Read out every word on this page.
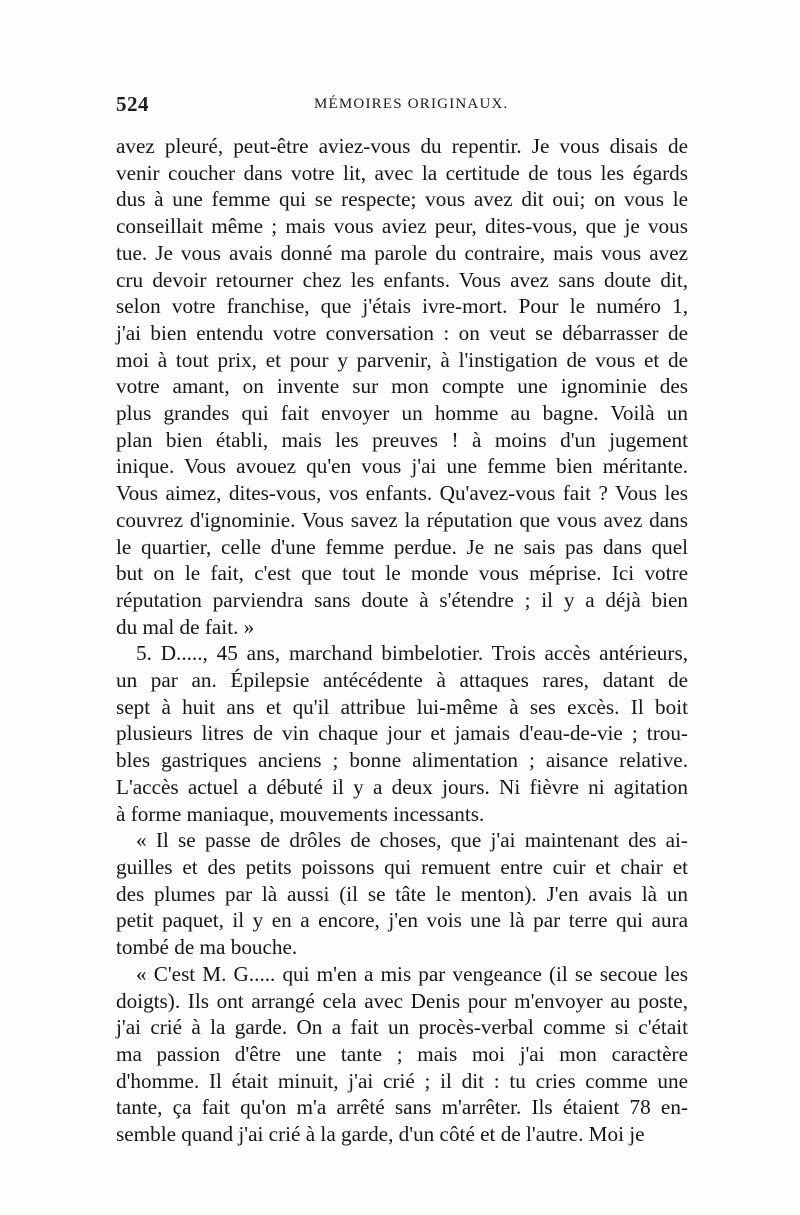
524	MÉMOIRES ORIGINAUX.
avez pleuré, peut-être aviez-vous du repentir. Je vous disais de
venir coucher dans votre lit, avec la certitude de tous les égards
dus à une femme qui se respecte; vous avez dit oui; on vous le
conseillait même ; mais vous aviez peur, dites-vous, que je vous
tue. Je vous avais donné ma parole du contraire, mais vous avez
cru devoir retourner chez les enfants. Vous avez sans doute dit,
selon votre franchise, que j'étais ivre-mort. Pour le numéro 1,
j'ai bien entendu votre conversation : on veut se débarrasser de
moi à tout prix, et pour y parvenir, à l'instigation de vous et de
votre amant, on invente sur mon compte une ignominie des
plus grandes qui fait envoyer un homme au bagne. Voilà un
plan bien établi, mais les preuves ! à moins d'un jugement
inique. Vous avouez qu'en vous j'ai une femme bien méritante.
Vous aimez, dites-vous, vos enfants. Qu'avez-vous fait ? Vous les
couvrez d'ignominie. Vous savez la réputation que vous avez dans
le quartier, celle d'une femme perdue. Je ne sais pas dans quel
but on le fait, c'est que tout le monde vous méprise. Ici votre
réputation parviendra sans doute à s'étendre ; il y a déjà bien
du mal de fait. »
5. D....., 45 ans, marchand bimbelotier. Trois accès antérieurs,
un par an. Épilepsie antécédente à attaques rares, datant de
sept à huit ans et qu'il attribue lui-même à ses excès. Il boit
plusieurs litres de vin chaque jour et jamais d'eau-de-vie ; trou-
bles gastriques anciens ; bonne alimentation ; aisance relative.
L'accès actuel a débuté il y a deux jours. Ni fièvre ni agitation
à forme maniaque, mouvements incessants.
« Il se passe de drôles de choses, que j'ai maintenant des ai-
guilles et des petits poissons qui remuent entre cuir et chair et
des plumes par là aussi (il se tâte le menton). J'en avais là un
petit paquet, il y en a encore, j'en vois une là par terre qui aura
tombé de ma bouche.
« C'est M. G..... qui m'en a mis par vengeance (il se secoue les
doigts). Ils ont arrangé cela avec Denis pour m'envoyer au poste,
j'ai crié à la garde. On a fait un procès-verbal comme si c'était
ma passion d'être une tante ; mais moi j'ai mon caractère
d'homme. Il était minuit, j'ai crié ; il dit : tu cries comme une
tante, ça fait qu'on m'a arrêté sans m'arrêter. Ils étaient 78 en-
semble quand j'ai crié à la garde, d'un côté et de l'autre. Moi je
